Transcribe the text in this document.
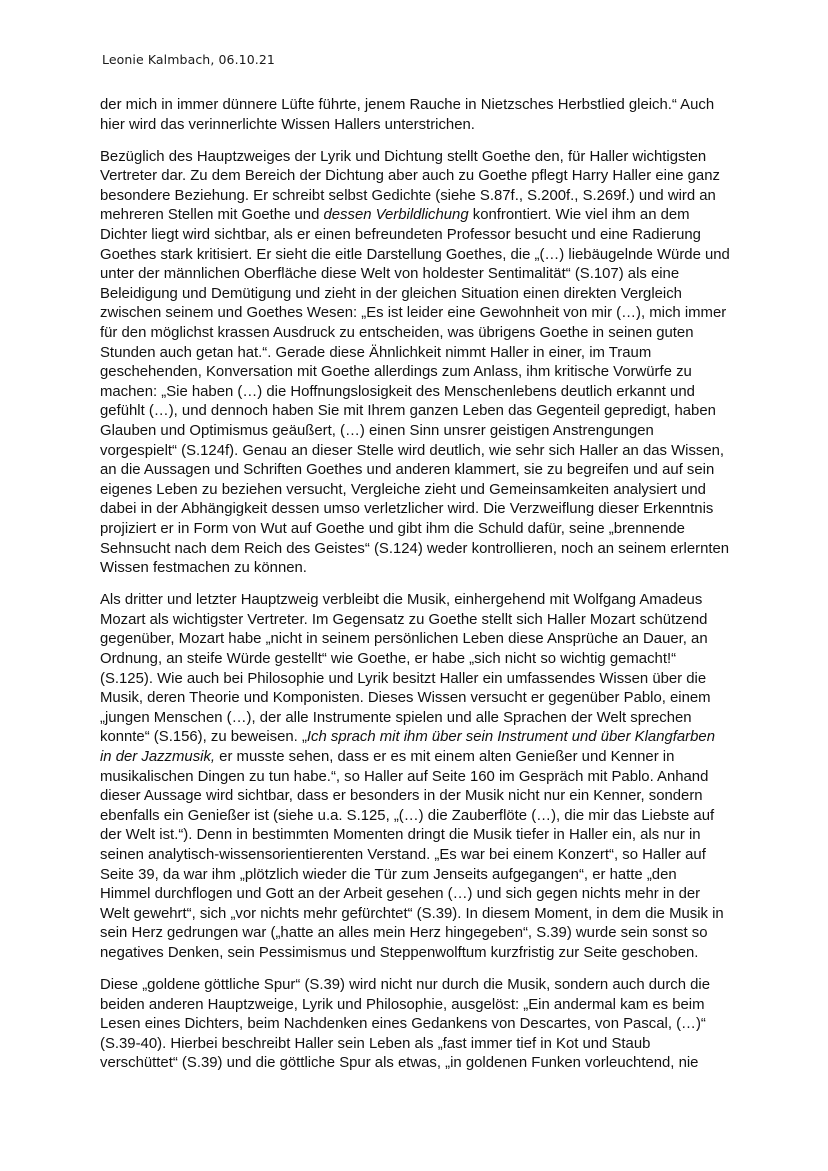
Leonie Kalmbach, 06.10.21

der mich in immer dünnere Lüfte führte, jenem Rauche in Nietzsches Herbstlied gleich.“ Auch hier wird das verinnerlichte Wissen Hallers unterstrichen.

Bezüglich des Hauptzweiges der Lyrik und Dichtung stellt Goethe den, für Haller wichtigsten Vertreter dar. Zu dem Bereich der Dichtung aber auch zu Goethe pflegt Harry Haller eine ganz besondere Beziehung. Er schreibt selbst Gedichte (siehe S.87f., S.200f., S.269f.) und wird an mehreren Stellen mit Goethe und dessen Verbildlichung konfrontiert. Wie viel ihm an dem Dichter liegt wird sichtbar, als er einen befreundeten Professor besucht und eine Radierung Goethes stark kritisiert. Er sieht die eitle Darstellung Goethes, die „(…) liebäugelnde Würde und unter der männlichen Oberfläche diese Welt von holdester Sentimalität“ (S.107) als eine Beleidigung und Demütigung und zieht in der gleichen Situation einen direkten Vergleich zwischen seinem und Goethes Wesen: „Es ist leider eine Gewohnheit von mir (…), mich immer für den möglichst krassen Ausdruck zu entscheiden, was übrigens Goethe in seinen guten Stunden auch getan hat.“. Gerade diese Ähnlichkeit nimmt Haller in einer, im Traum geschehenden, Konversation mit Goethe allerdings zum Anlass, ihm kritische Vorwürfe zu machen: „Sie haben (…) die Hoffnungslosigkeit des Menschenlebens deutlich erkannt und gefühlt (…), und dennoch haben Sie mit Ihrem ganzen Leben das Gegenteil gepredigt, haben Glauben und Optimismus geäußert, (…) einen Sinn unsrer geistigen Anstrengungen vorgespielt“ (S.124f). Genau an dieser Stelle wird deutlich, wie sehr sich Haller an das Wissen, an die Aussagen und Schriften Goethes und anderen klammert, sie zu begreifen und auf sein eigenes Leben zu beziehen versucht, Vergleiche zieht und Gemeinsamkeiten analysiert und dabei in der Abhängigkeit dessen umso verletzlicher wird. Die Verzweiflung dieser Erkenntnis projiziert er in Form von Wut auf Goethe und gibt ihm die Schuld dafür, seine „brennende Sehnsucht nach dem Reich des Geistes“ (S.124) weder kontrollieren, noch an seinem erlernten Wissen festmachen zu können.

Als dritter und letzter Hauptzweig verbleibt die Musik, einhergehend mit Wolfgang Amadeus Mozart als wichtigster Vertreter. Im Gegensatz zu Goethe stellt sich Haller Mozart schützend gegenüber, Mozart habe „nicht in seinem persönlichen Leben diese Ansprüche an Dauer, an Ordnung, an steife Würde gestellt“ wie Goethe, er habe „sich nicht so wichtig gemacht!“ (S.125). Wie auch bei Philosophie und Lyrik besitzt Haller ein umfassendes Wissen über die Musik, deren Theorie und Komponisten. Dieses Wissen versucht er gegenüber Pablo, einem „jungen Menschen (…), der alle Instrumente spielen und alle Sprachen der Welt sprechen konnte“ (S.156), zu beweisen. „Ich sprach mit ihm über sein Instrument und über Klangfarben in der Jazzmusik, er musste sehen, dass er es mit einem alten Genießer und Kenner in musikalischen Dingen zu tun habe.“, so Haller auf Seite 160 im Gespräch mit Pablo. Anhand dieser Aussage wird sichtbar, dass er besonders in der Musik nicht nur ein Kenner, sondern ebenfalls ein Genießer ist (siehe u.a. S.125, „(…) die Zauberflöte (…), die mir das Liebste auf der Welt ist.“). Denn in bestimmten Momenten dringt die Musik tiefer in Haller ein, als nur in seinen analytisch-wissensorientierenten Verstand. „Es war bei einem Konzert“, so Haller auf Seite 39, da war ihm „plötzlich wieder die Tür zum Jenseits aufgegangen“, er hatte „den Himmel durchflogen und Gott an der Arbeit gesehen (…) und sich gegen nichts mehr in der Welt gewehrt“, sich „vor nichts mehr gefürchtet“ (S.39). In diesem Moment, in dem die Musik in sein Herz gedrungen war („hatte an alles mein Herz hingegeben“, S.39) wurde sein sonst so negatives Denken, sein Pessimismus und Steppenwolftum kurzfristig zur Seite geschoben.

Diese „goldene göttliche Spur“ (S.39) wird nicht nur durch die Musik, sondern auch durch die beiden anderen Hauptzweige, Lyrik und Philosophie, ausgelöst: „Ein andermal kam es beim Lesen eines Dichters, beim Nachdenken eines Gedankens von Descartes, von Pascal, (…)“ (S.39-40). Hierbei beschreibt Haller sein Leben als „fast immer tief in Kot und Staub verschüttet“ (S.39) und die göttliche Spur als etwas, „in goldenen Funken vorleuchtend, nie
